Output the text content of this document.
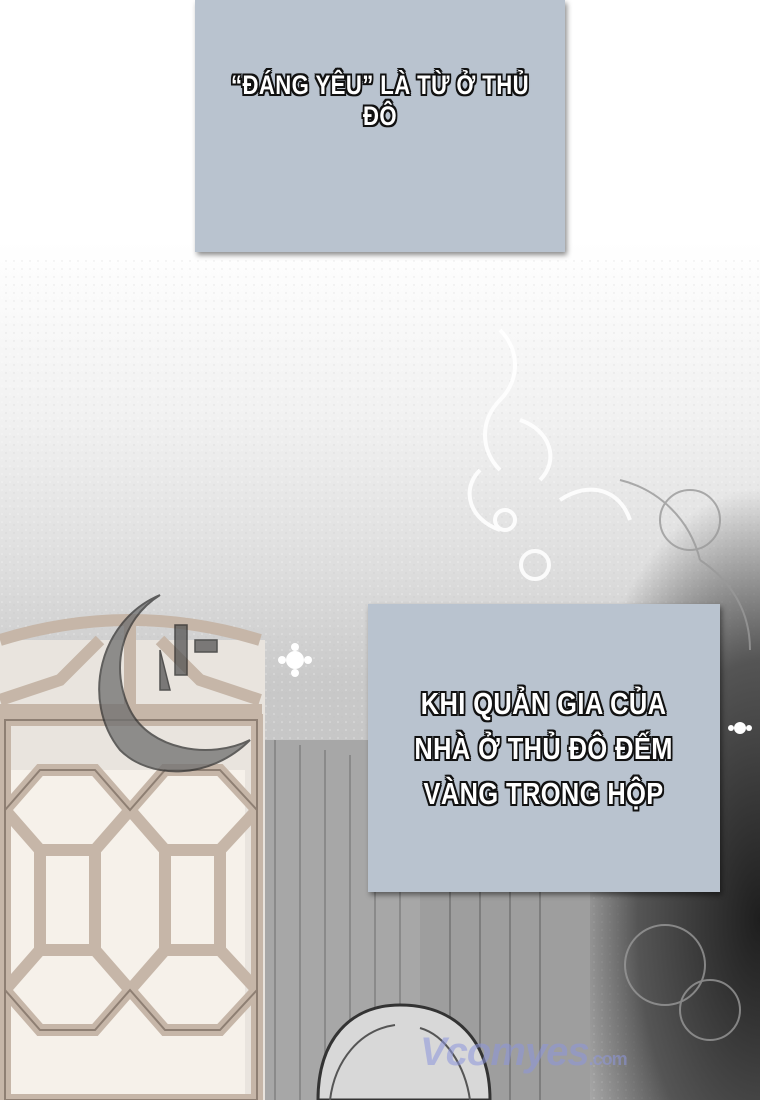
“ĐÁNG YÊU” LÀ TỪ Ở THỦ ĐÔ
KHI QUẢN GIA CỦA
NHÀ Ở THỦ ĐÔ ĐẾM
VÀNG TRONG HỘP
Vcomyes.com
